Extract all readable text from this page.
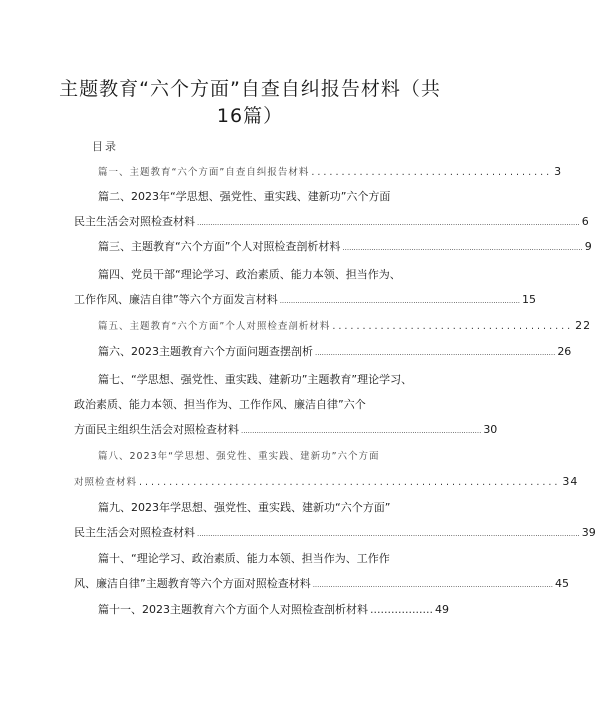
主题教育“六个方面”自查自纠报告材料（共
16篇）
目录
篇一、主题教育“六个方面”自查自纠报告材料 ........................................ 3
篇二、2023年“学思想、强党性、重实践、建新功”六个方面
民主生活会对照检查材料 ............................................................................................................................................................................ 6
篇三、主题教育“六个方面”个人对照检查剖析材料 ............................................................................................................ 9
篇四、党员干部“理论学习、政治素质、能力本领、担当作为、
工作作风、廉洁自律”等六个方面发言材料 ............................................................................................................ 15
篇五、主题教育“六个方面”个人对照检查剖析材料 ........................................ 22
篇六、2023主题教育六个方面问题查摆剖析 ............................................................................................................ 26
篇七、“学思想、强党性、重实践、建新功”主题教育”理论学习、
政治素质、能力本领、担当作为、工作作风、廉洁自律”六个
方面民主组织生活会对照检查材料 ............................................................................................................ 30
篇八、2023年“学思想、强党性、重实践、建新功”六个方面
对照检查材料 ...................................................................... 34
篇九、2023年学思想、强党性、重实践、建新功“六个方面”
民主生活会对照检查材料 ............................................................................................................................................................................ 39
篇十、“理论学习、政治素质、能力本领、担当作为、工作作
风、廉洁自律”主题教育等六个方面对照检查材料 ............................................................................................................ 45
篇十一、2023主题教育六个方面个人对照检查剖析材料 .................. 49
